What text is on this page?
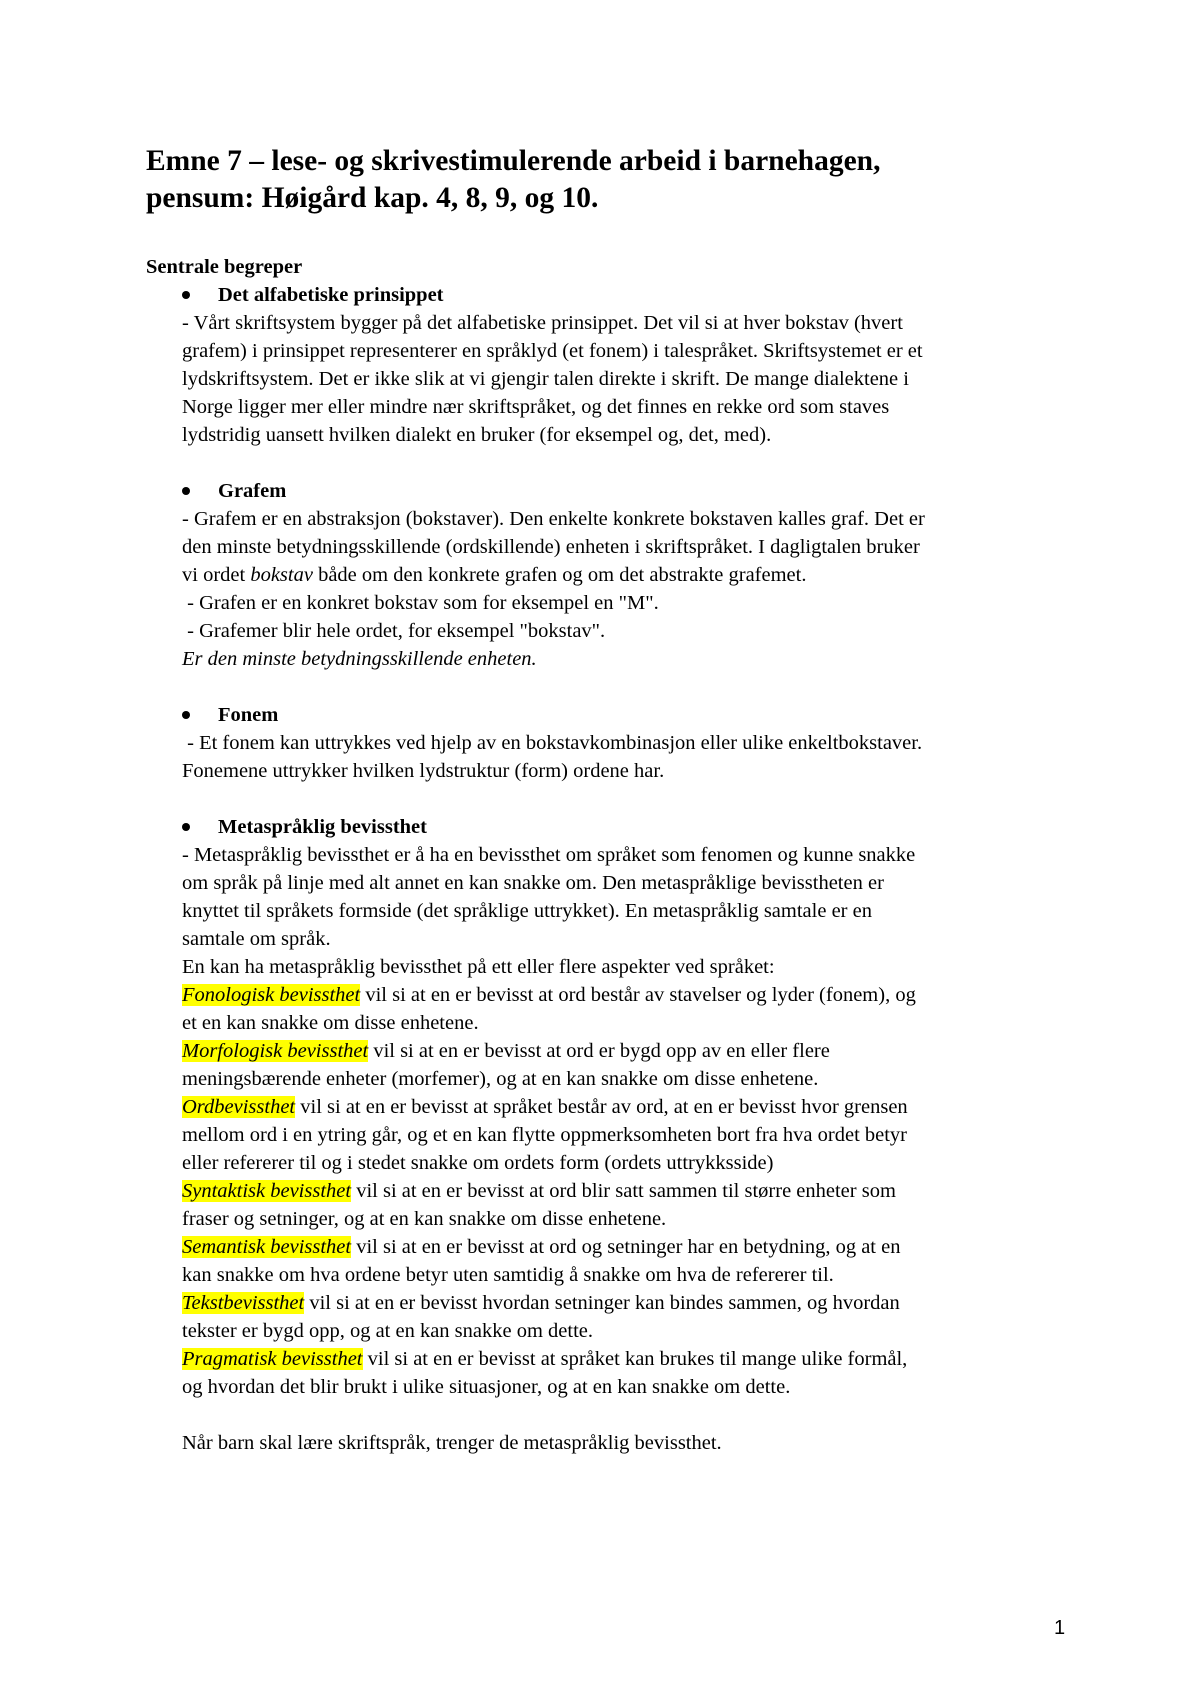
Emne 7 – lese- og skrivestimulerende arbeid i barnehagen,
pensum: Høigård kap. 4, 8, 9, og 10.
Sentrale begreper
Det alfabetiske prinsippet
- Vårt skriftsystem bygger på det alfabetiske prinsippet. Det vil si at hver bokstav (hvert
grafem) i prinsippet representerer en språklyd (et fonem) i talespråket. Skriftsystemet er et
lydskriftsystem. Det er ikke slik at vi gjengir talen direkte i skrift. De mange dialektene i
Norge ligger mer eller mindre nær skriftspråket, og det finnes en rekke ord som staves
lydstridig uansett hvilken dialekt en bruker (for eksempel og, det, med).
Grafem
- Grafem er en abstraksjon (bokstaver). Den enkelte konkrete bokstaven kalles graf. Det er
den minste betydningsskillende (ordskillende) enheten i skriftspråket. I dagligtalen bruker
vi ordet bokstav både om den konkrete grafen og om det abstrakte grafemet.
- Grafen er en konkret bokstav som for eksempel en "M".
- Grafemer blir hele ordet, for eksempel "bokstav".
Er den minste betydningsskillende enheten.
Fonem
- Et fonem kan uttrykkes ved hjelp av en bokstavkombinasjon eller ulike enkeltbokstaver.
Fonemene uttrykker hvilken lydstruktur (form) ordene har.
Metaspråklig bevissthet
- Metaspråklig bevissthet er å ha en bevissthet om språket som fenomen og kunne snakke
om språk på linje med alt annet en kan snakke om. Den metaspråklige bevisstheten er
knyttet til språkets formside (det språklige uttrykket). En metaspråklig samtale er en
samtale om språk.
En kan ha metaspråklig bevissthet på ett eller flere aspekter ved språket:
Fonologisk bevissthet vil si at en er bevisst at ord består av stavelser og lyder (fonem), og
et en kan snakke om disse enhetene.
Morfologisk bevissthet vil si at en er bevisst at ord er bygd opp av en eller flere
meningsbærende enheter (morfemer), og at en kan snakke om disse enhetene.
Ordbevissthet vil si at en er bevisst at språket består av ord, at en er bevisst hvor grensen
mellom ord i en ytring går, og et en kan flytte oppmerksomheten bort fra hva ordet betyr
eller refererer til og i stedet snakke om ordets form (ordets uttrykksside)
Syntaktisk bevissthet vil si at en er bevisst at ord blir satt sammen til større enheter som
fraser og setninger, og at en kan snakke om disse enhetene.
Semantisk bevissthet vil si at en er bevisst at ord og setninger har en betydning, og at en
kan snakke om hva ordene betyr uten samtidig å snakke om hva de refererer til.
Tekstbevissthet vil si at en er bevisst hvordan setninger kan bindes sammen, og hvordan
tekster er bygd opp, og at en kan snakke om dette.
Pragmatisk bevissthet vil si at en er bevisst at språket kan brukes til mange ulike formål,
og hvordan det blir brukt i ulike situasjoner, og at en kan snakke om dette.
Når barn skal lære skriftspråk, trenger de metaspråklig bevissthet.
1
